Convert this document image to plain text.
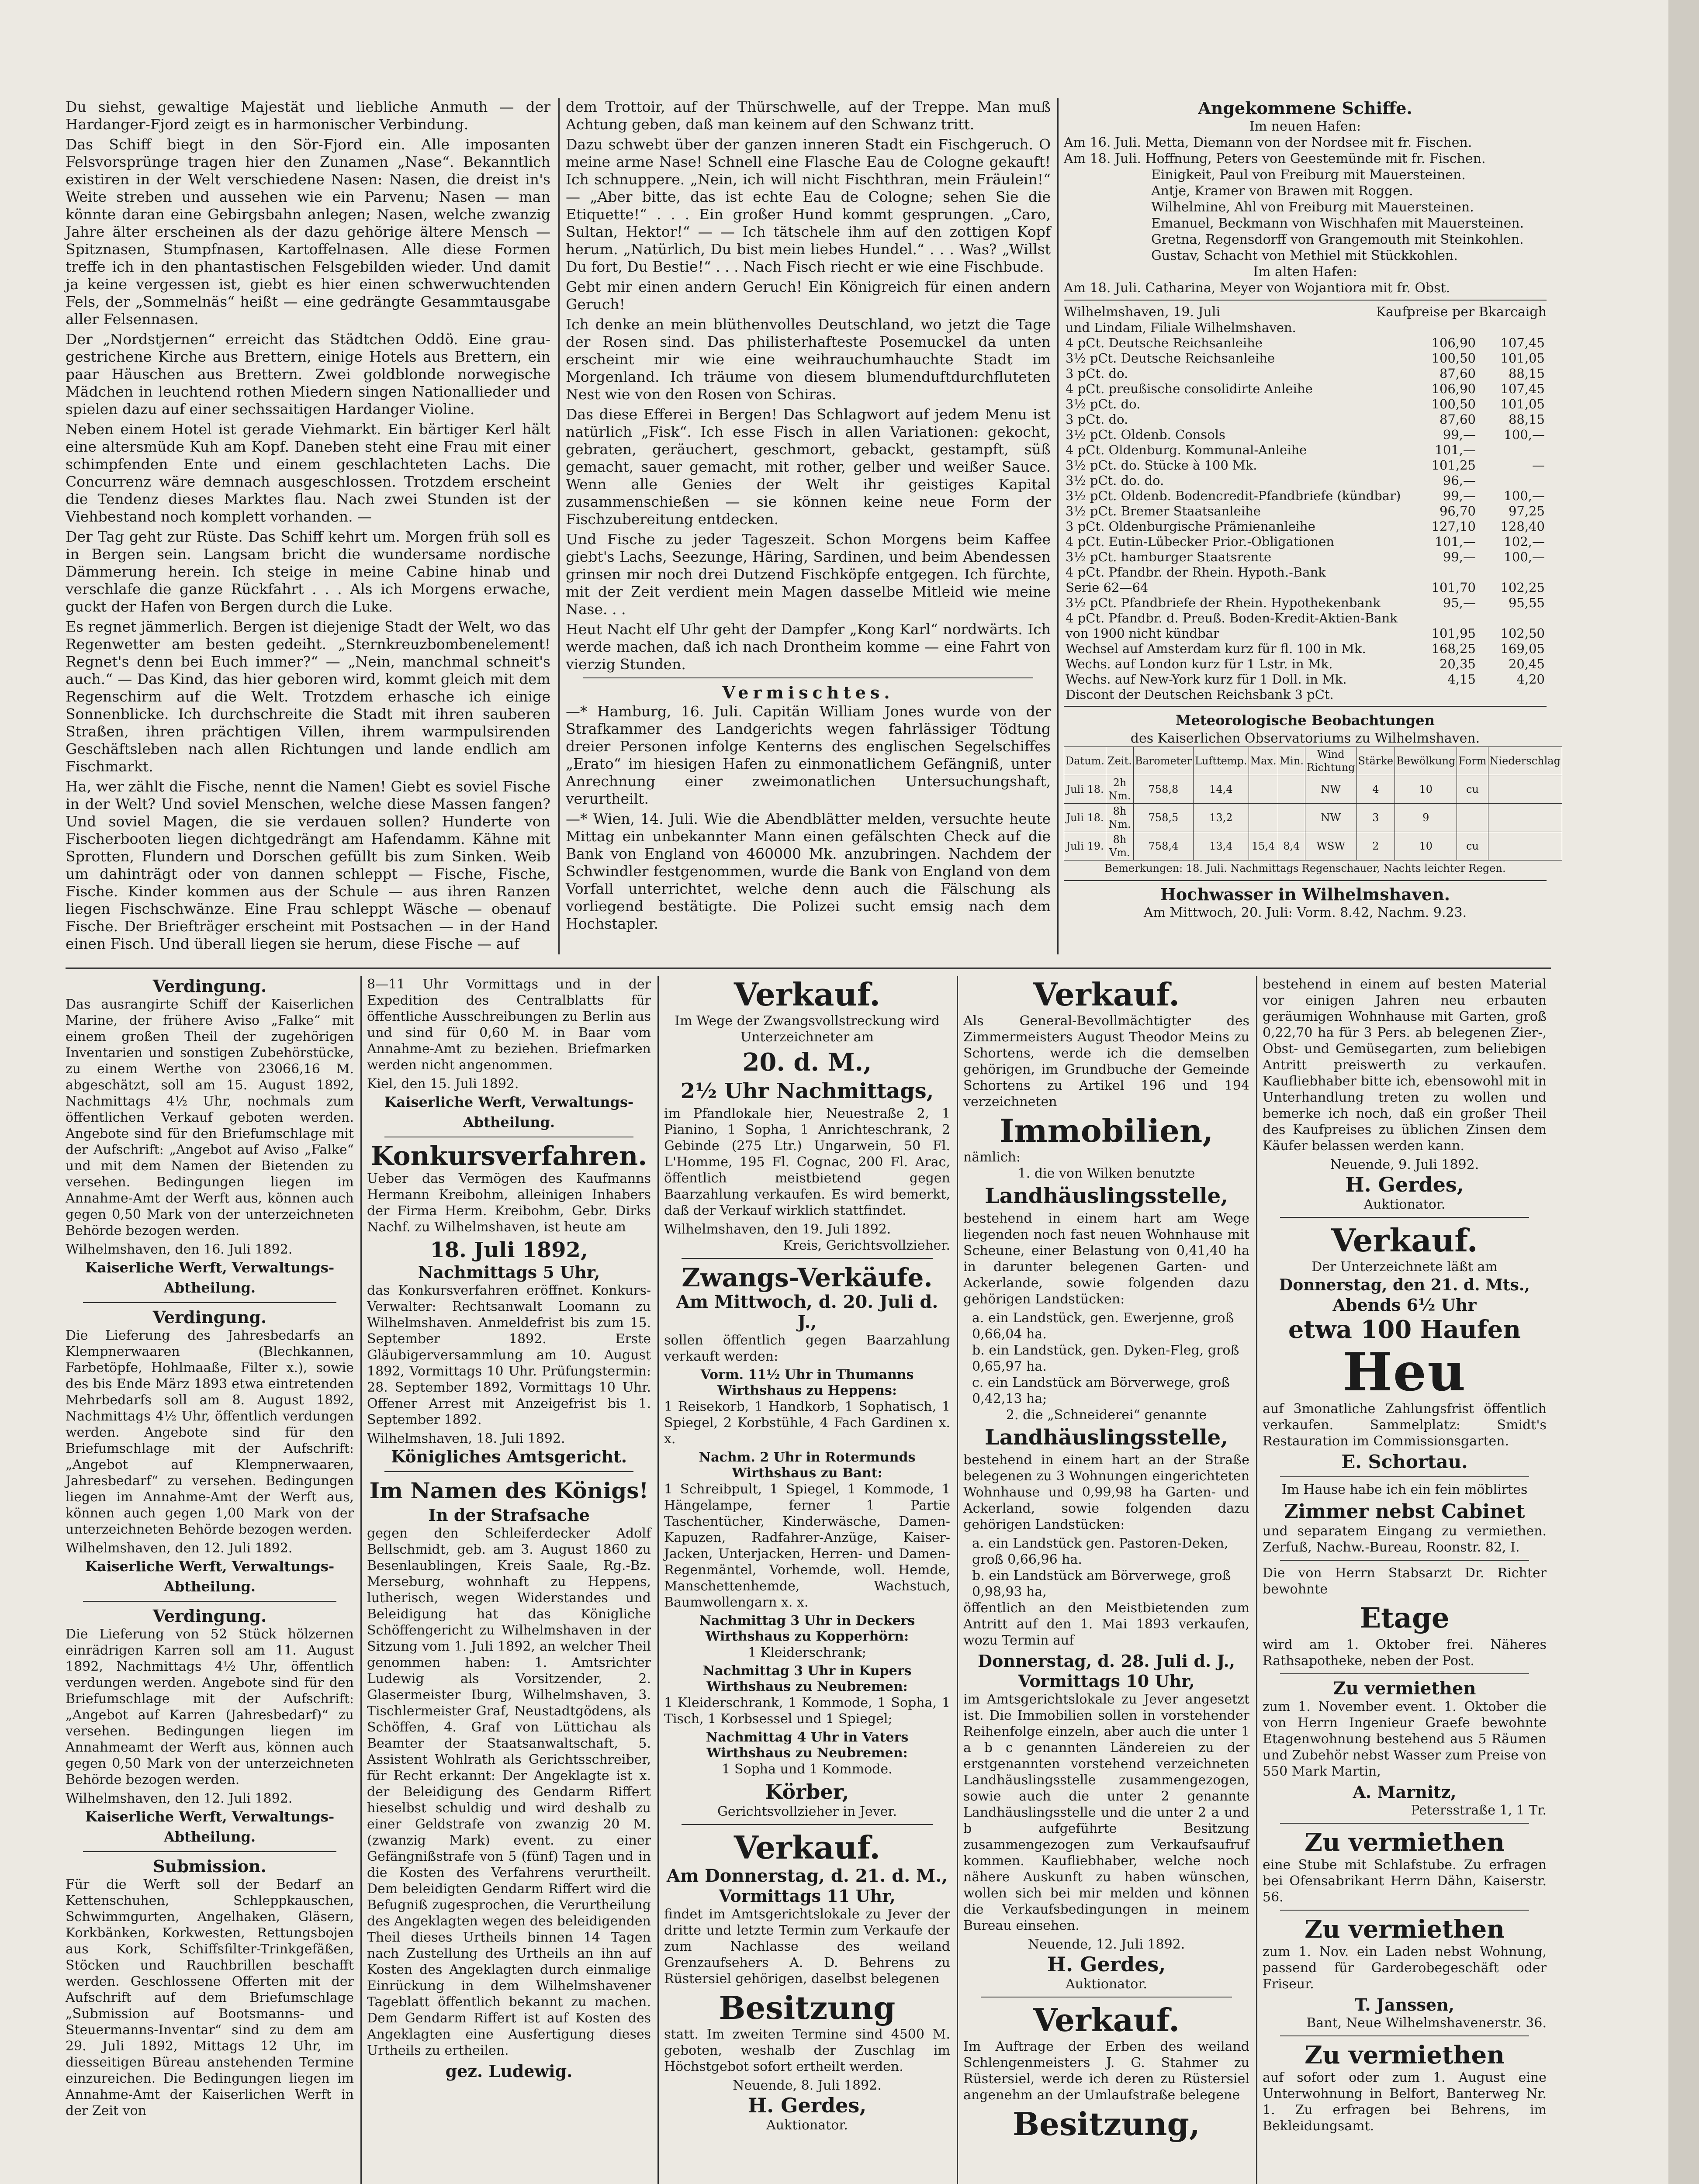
Du siehst, gewaltige Majestät und liebliche Anmuth — der Hardanger-Fjord zeigt es in harmonischer Verbindung.

Das Schiff biegt in den Sör-Fjord ein. Alle imposanten Felsvorsprünge tragen hier den Zunamen „Nase“. Bekanntlich existiren in der Welt verschiedene Nasen: Nasen, die dreist in's Weite streben und aussehen wie ein Parvenu; Nasen — man könnte daran eine Gebirgsbahn anlegen; Nasen, welche zwanzig Jahre älter erscheinen als der dazu gehörige ältere Mensch — Spitznasen, Stumpfnasen, Kartoffelnasen. Alle diese Formen treffe ich in den phantastischen Felsgebilden wieder. Und damit ja keine vergessen ist, giebt es hier einen schwerwuchtenden Fels, der „Sommelnäs“ heißt — eine gedrängte Gesammtausgabe aller Felsennasen.

Der „Nordstjernen“ erreicht das Städtchen Oddö. Eine grau-gestrichene Kirche aus Brettern, einige Hotels aus Brettern, ein paar Häuschen aus Brettern. Zwei goldblonde norwegische Mädchen in leuchtend rothen Miedern singen Nationallieder und spielen dazu auf einer sechssaitigen Hardanger Violine.

Neben einem Hotel ist gerade Viehmarkt. Ein bärtiger Kerl hält eine altersmüde Kuh am Kopf. Daneben steht eine Frau mit einer schimpfenden Ente und einem geschlachteten Lachs. Die Concurrenz wäre demnach ausgeschlossen. Trotzdem erscheint die Tendenz dieses Marktes flau. Nach zwei Stunden ist der Viehbestand noch komplett vorhanden. —

Der Tag geht zur Rüste. Das Schiff kehrt um. Morgen früh soll es in Bergen sein. Langsam bricht die wundersame nordische Dämmerung herein. Ich steige in meine Cabine hinab und verschlafe die ganze Rückfahrt . . . Als ich Morgens erwache, guckt der Hafen von Bergen durch die Luke.

Es regnet jämmerlich. Bergen ist diejenige Stadt der Welt, wo das Regenwetter am besten gedeiht. „Sternkreuzbombenelement! Regnet's denn bei Euch immer?“ — „Nein, manchmal schneit's auch.“ — Das Kind, das hier geboren wird, kommt gleich mit dem Regenschirm auf die Welt. Trotzdem erhasche ich einige Sonnenblicke. Ich durchschreite die Stadt mit ihren sauberen Straßen, ihren prächtigen Villen, ihrem warmpulsirenden Geschäftsleben nach allen Richtungen und lande endlich am Fischmarkt.

Ha, wer zählt die Fische, nennt die Namen! Giebt es soviel Fische in der Welt? Und soviel Menschen, welche diese Massen fangen? Und soviel Magen, die sie verdauen sollen? Hunderte von Fischerbooten liegen dichtgedrängt am Hafendamm. Kähne mit Sprotten, Flundern und Dorschen gefüllt bis zum Sinken. Weib um dahinträgt oder von dannen schleppt — Fische, Fische, Fische. Kinder kommen aus der Schule — aus ihren Ranzen liegen Fischschwänze. Eine Frau schleppt Wäsche — obenauf Fische. Der Briefträger erscheint mit Postsachen — in der Hand einen Fisch. Und überall liegen sie herum, diese Fische — auf

dem Trottoir, auf der Thürschwelle, auf der Treppe. Man muß Achtung geben, daß man keinem auf den Schwanz tritt.

Dazu schwebt über der ganzen inneren Stadt ein Fischgeruch. O meine arme Nase! Schnell eine Flasche Eau de Cologne gekauft! Ich schnuppere. „Nein, ich will nicht Fischthran, mein Fräulein!“ — „Aber bitte, das ist echte Eau de Cologne; sehen Sie die Etiquette!“ . . . Ein großer Hund kommt gesprungen. „Caro, Sultan, Hektor!“ — — Ich tätschele ihm auf den zottigen Kopf herum. „Natürlich, Du bist mein liebes Hundel.“ . . . Was? „Willst Du fort, Du Bestie!“ . . . Nach Fisch riecht er wie eine Fischbude.

Gebt mir einen andern Geruch! Ein Königreich für einen andern Geruch!

Ich denke an mein blüthenvolles Deutschland, wo jetzt die Tage der Rosen sind. Das philisterhafteste Posemuckel da unten erscheint mir wie eine weihrauchumhauchte Stadt im Morgenland. Ich träume von diesem blumenduftdurchfluteten Nest wie von den Rosen von Schiras.

Das diese Efferei in Bergen! Das Schlagwort auf jedem Menu ist natürlich „Fisk“. Ich esse Fisch in allen Variationen: gekocht, gebraten, geräuchert, geschmort, gebackt, gestampft, süß gemacht, sauer gemacht, mit rother, gelber und weißer Sauce. Wenn alle Genies der Welt ihr geistiges Kapital zusammenschießen — sie können keine neue Form der Fischzubereitung entdecken.

Und Fische zu jeder Tageszeit. Schon Morgens beim Kaffee giebt's Lachs, Seezunge, Häring, Sardinen, und beim Abendessen grinsen mir noch drei Dutzend Fischköpfe entgegen. Ich fürchte, mit der Zeit verdient mein Magen dasselbe Mitleid wie meine Nase. . .

Heut Nacht elf Uhr geht der Dampfer „Kong Karl“ nordwärts. Ich werde machen, daß ich nach Drontheim komme — eine Fahrt von vierzig Stunden.

Vermischtes.

—* Hamburg, 16. Juli. Capitän William Jones wurde von der Strafkammer des Landgerichts wegen fahrlässiger Tödtung dreier Personen infolge Kenterns des englischen Segelschiffes „Erato“ im hiesigen Hafen zu einmonatlichem Gefängniß, unter Anrechnung einer zweimonatlichen Untersuchungshaft, verurtheilt.

—* Wien, 14. Juli. Wie die Abendblätter melden, versuchte heute Mittag ein unbekannter Mann einen gefälschten Check auf die Bank von England von 460000 Mk. anzubringen. Nachdem der Schwindler festgenommen, wurde die Bank von England von dem Vorfall unterrichtet, welche denn auch die Fälschung als vorliegend bestätigte. Die Polizei sucht emsig nach dem Hochstapler.

Angekommene Schiffe.
Im neuen Hafen:
Am 16. Juli. Metta, Diemann von der Nordsee mit fr. Fischen.
Am 18. Juli. Hoffnung, Peters von Geestemünde mit fr. Fischen.
Einigkeit, Paul von Freiburg mit Mauersteinen.
Antje, Kramer von Brawen mit Roggen.
Wilhelmine, Ahl von Freiburg mit Mauersteinen.
Emanuel, Beckmann von Wischhafen mit Mauersteinen.
Gretna, Regensdorff von Grangemouth mit Steinkohlen.
Gustav, Schacht von Methiel mit Stückkohlen.
Im alten Hafen:
Am 18. Juli. Catharina, Meyer von Wojantiora mit fr. Obst.
Wilhelmshaven, 19. Juli	Kaufpreise per Bkarcaigh
und Lindam, Filiale Wilhelmshaven.		
4 pCt. Deutsche Reichsanleihe	106,90	107,45
3½ pCt. Deutsche Reichsanleihe	100,50	101,05
3 pCt. do.	87,60	88,15
4 pCt. preußische consolidirte Anleihe	106,90	107,45
3½ pCt. do.	100,50	101,05
3 pCt. do.	87,60	88,15
3½ pCt. Oldenb. Consols	99,—	100,—
4 pCt. Oldenburg. Kommunal-Anleihe	101,—	
3½ pCt. do. Stücke à 100 Mk.	101,25	—
3½ pCt. do. do.	96,—	
3½ pCt. Oldenb. Bodencredit-Pfandbriefe (kündbar)	99,—	100,—
3½ pCt. Bremer Staatsanleihe	96,70	97,25
3 pCt. Oldenburgische Prämienanleihe	127,10	128,40
4 pCt. Eutin-Lübecker Prior.-Obligationen	101,—	102,—
3½ pCt. hamburger Staatsrente	99,—	100,—
4 pCt. Pfandbr. der Rhein. Hypoth.-Bank		
Serie 62—64	101,70	102,25
3½ pCt. Pfandbriefe der Rhein. Hypothekenbank	95,—	95,55
4 pCt. Pfandbr. d. Preuß. Boden-Kredit-Aktien-Bank		
von 1900 nicht kündbar	101,95	102,50
Wechsel auf Amsterdam kurz für fl. 100 in Mk.	168,25	169,05
Wechs. auf London kurz für 1 Lstr. in Mk.	20,35	20,45
Wechs. auf New-York kurz für 1 Doll. in Mk.	4,15	4,20
Discont der Deutschen Reichsbank 3 pCt.		
Meteorologische Beobachtungen
des Kaiserlichen Observatoriums zu Wilhelmshaven.
Datum.	Zeit.	Barometer	Lufttemp.	Max.	Min.	Wind Richtung	Stärke	Bewölkung	Form	Niederschlag
Juli 18.	2h Nm.	758,8	14,4			NW	4	10	cu	
Juli 18.	8h Nm.	758,5	13,2			NW	3	9		
Juli 19.	8h Vm.	758,4	13,4	15,4	8,4	WSW	2	10	cu	
Bemerkungen: 18. Juli. Nachmittags Regenschauer, Nachts leichter Regen.
Hochwasser in Wilhelmshaven.
Am Mittwoch, 20. Juli: Vorm. 8.42, Nachm. 9.23.
Verdingung.

Das ausrangirte Schiff der Kaiserlichen Marine, der frühere Aviso „Falke“ mit einem großen Theil der zugehörigen Inventarien und sonstigen Zubehörstücke, zu einem Werthe von 23066,16 M. abgeschätzt, soll am 15. August 1892, Nachmittags 4½ Uhr, nochmals zum öffentlichen Verkauf geboten werden. Angebote sind für den Briefumschlage mit der Aufschrift: „Angebot auf Aviso „Falke“ und mit dem Namen der Bietenden zu versehen. Bedingungen liegen im Annahme-Amt der Werft aus, können auch gegen 0,50 Mark von der unterzeichneten Behörde bezogen werden.

Wilhelmshaven, den 16. Juli 1892.
Kaiserliche Werft, Verwaltungs-Abtheilung.
Verdingung.

Die Lieferung des Jahresbedarfs an Klempnerwaaren (Blechkannen, Farbetöpfe, Hohlmaaße, Filter x.), sowie des bis Ende März 1893 etwa eintretenden Mehrbedarfs soll am 8. August 1892, Nachmittags 4½ Uhr, öffentlich verdungen werden. Angebote sind für den Briefumschlage mit der Aufschrift: „Angebot auf Klempnerwaaren, Jahresbedarf“ zu versehen. Bedingungen liegen im Annahme-Amt der Werft aus, können auch gegen 1,00 Mark von der unterzeichneten Behörde bezogen werden.

Wilhelmshaven, den 12. Juli 1892.
Kaiserliche Werft, Verwaltungs-Abtheilung.
Verdingung.

Die Lieferung von 52 Stück hölzernen einrädrigen Karren soll am 11. August 1892, Nachmittags 4½ Uhr, öffentlich verdungen werden. Angebote sind für den Briefumschlage mit der Aufschrift: „Angebot auf Karren (Jahresbedarf)“ zu versehen. Bedingungen liegen im Annahmeamt der Werft aus, können auch gegen 0,50 Mark von der unterzeichneten Behörde bezogen werden.

Wilhelmshaven, den 12. Juli 1892.
Kaiserliche Werft, Verwaltungs-Abtheilung.
Submission.

Für die Werft soll der Bedarf an Kettenschuhen, Schleppkauschen, Schwimmgurten, Angelhaken, Gläsern, Korkbänken, Korkwesten, Rettungsbojen aus Kork, Schiffsfilter-Trinkgefäßen, Stöcken und Rauchbrillen beschafft werden. Geschlossene Offerten mit der Aufschrift auf dem Briefumschlage „Submission auf Bootsmanns- und Steuermanns-Inventar“ sind zu dem am 29. Juli 1892, Mittags 12 Uhr, im diesseitigen Büreau anstehenden Termine einzureichen. Die Bedingungen liegen im Annahme-Amt der Kaiserlichen Werft in der Zeit von

8—11 Uhr Vormittags und in der Expedition des Centralblatts für öffentliche Ausschreibungen zu Berlin aus und sind für 0,60 M. in Baar vom Annahme-Amt zu beziehen. Briefmarken werden nicht angenommen.

Kiel, den 15. Juli 1892.
Kaiserliche Werft, Verwaltungs-Abtheilung.
Konkursverfahren.

Ueber das Vermögen des Kaufmanns Hermann Kreibohm, alleinigen Inhabers der Firma Herm. Kreibohm, Gebr. Dirks Nachf. zu Wilhelmshaven, ist heute am

18. Juli 1892,
Nachmittags 5 Uhr,

das Konkursverfahren eröffnet. Konkurs-Verwalter: Rechtsanwalt Loomann zu Wilhelmshaven. Anmeldefrist bis zum 15. September 1892. Erste Gläubigerversammlung am 10. August 1892, Vormittags 10 Uhr. Prüfungstermin: 28. September 1892, Vormittags 10 Uhr. Offener Arrest mit Anzeigefrist bis 1. September 1892.

Wilhelmshaven, 18. Juli 1892.
Königliches Amtsgericht.
Im Namen des Königs!
In der Strafsache

gegen den Schleiferdecker Adolf Bellschmidt, geb. am 3. August 1860 zu Besenlaublingen, Kreis Saale, Rg.-Bz. Merseburg, wohnhaft zu Heppens, lutherisch, wegen Widerstandes und Beleidigung hat das Königliche Schöffengericht zu Wilhelmshaven in der Sitzung vom 1. Juli 1892, an welcher Theil genommen haben: 1. Amtsrichter Ludewig als Vorsitzender, 2. Glasermeister Iburg, Wilhelmshaven, 3. Tischlermeister Graf, Neustadtgödens, als Schöffen, 4. Graf von Lüttichau als Beamter der Staatsanwaltschaft, 5. Assistent Wohlrath als Gerichtsschreiber, für Recht erkannt: Der Angeklagte ist x. der Beleidigung des Gendarm Riffert hieselbst schuldig und wird deshalb zu einer Geldstrafe von zwanzig 20 M. (zwanzig Mark) event. zu einer Gefängnißstrafe von 5 (fünf) Tagen und in die Kosten des Verfahrens verurtheilt. Dem beleidigten Gendarm Riffert wird die Befugniß zugesprochen, die Verurtheilung des Angeklagten wegen des beleidigenden Theil dieses Urtheils binnen 14 Tagen nach Zustellung des Urtheils an ihn auf Kosten des Angeklagten durch einmalige Einrückung in dem Wilhelmshavener Tageblatt öffentlich bekannt zu machen. Dem Gendarm Riffert ist auf Kosten des Angeklagten eine Ausfertigung dieses Urtheils zu ertheilen.

gez. Ludewig.
Verkauf.

Im Wege der Zwangsvollstreckung wird Unterzeichneter am

20. d. M.,
2½ Uhr Nachmittags,

im Pfandlokale hier, Neuestraße 2, 1 Pianino, 1 Sopha, 1 Anrichteschrank, 2 Gebinde (275 Ltr.) Ungarwein, 50 Fl. L'Homme, 195 Fl. Cognac, 200 Fl. Arac, öffentlich meistbietend gegen Baarzahlung verkaufen. Es wird bemerkt, daß der Verkauf wirklich stattfindet.

Wilhelmshaven, den 19. Juli 1892.
Kreis, Gerichtsvollzieher.
Zwangs-Verkäufe.
Am Mittwoch, d. 20. Juli d. J.,

sollen öffentlich gegen Baarzahlung verkauft werden:

Vorm. 11½ Uhr in Thumanns Wirthshaus zu Heppens:

1 Reisekorb, 1 Handkorb, 1 Sophatisch, 1 Spiegel, 2 Korbstühle, 4 Fach Gardinen x. x.

Nachm. 2 Uhr in Rotermunds Wirthshaus zu Bant:

1 Schreibpult, 1 Spiegel, 1 Kommode, 1 Hängelampe, ferner 1 Partie Taschentücher, Kinderwäsche, Damen-Kapuzen, Radfahrer-Anzüge, Kaiser-Jacken, Unterjacken, Herren- und Damen-Regenmäntel, Vorhemde, woll. Hemde, Manschettenhemde, Wachstuch, Baumwollengarn x. x.

Nachmittag 3 Uhr in Deckers Wirthshaus zu Kopperhörn:

1 Kleiderschrank;

Nachmittag 3 Uhr in Kupers Wirthshaus zu Neubremen:

1 Kleiderschrank, 1 Kommode, 1 Sopha, 1 Tisch, 1 Korbsessel und 1 Spiegel;

Nachmittag 4 Uhr in Vaters Wirthshaus zu Neubremen:

1 Sopha und 1 Kommode.

Körber,
Gerichtsvollzieher in Jever.
Verkauf.
Am Donnerstag, d. 21. d. M.,
Vormittags 11 Uhr,

findet im Amtsgerichtslokale zu Jever der dritte und letzte Termin zum Verkaufe der zum Nachlasse des weiland Grenzaufsehers A. D. Behrens zu Rüstersiel gehörigen, daselbst belegenen

Besitzung

statt. Im zweiten Termine sind 4500 M. geboten, weshalb der Zuschlag im Höchstgebot sofort ertheilt werden.

Neuende, 8. Juli 1892.
H. Gerdes,
Auktionator.
Verkauf.

Als General-Bevollmächtigter des Zimmermeisters August Theodor Meins zu Schortens, werde ich die demselben gehörigen, im Grundbuche der Gemeinde Schortens zu Artikel 196 und 194 verzeichneten

Immobilien,
nämlich:
1. die von Wilken benutzte
Landhäuslingsstelle,

bestehend in einem hart am Wege liegenden noch fast neuen Wohnhause mit Scheune, einer Belastung von 0,41,40 ha in darunter belegenen Garten- und Ackerlande, sowie folgenden dazu gehörigen Landstücken:

a. ein Landstück, gen. Ewerjenne, groß 0,66,04 ha.
b. ein Landstück, gen. Dyken-Fleg, groß 0,65,97 ha.
c. ein Landstück am Börverwege, groß 0,42,13 ha;
2. die „Schneiderei“ genannte
Landhäuslingsstelle,

bestehend in einem hart an der Straße belegenen zu 3 Wohnungen eingerichteten Wohnhause und 0,99,98 ha Garten- und Ackerland, sowie folgenden dazu gehörigen Landstücken:

a. ein Landstück gen. Pastoren-Deken, groß 0,66,96 ha.
b. ein Landstück am Börverwege, groß 0,98,93 ha,

öffentlich an den Meistbietenden zum Antritt auf den 1. Mai 1893 verkaufen, wozu Termin auf

Donnerstag, d. 28. Juli d. J.,
Vormittags 10 Uhr,

im Amtsgerichtslokale zu Jever angesetzt ist. Die Immobilien sollen in vorstehender Reihenfolge einzeln, aber auch die unter 1 a b c genannten Ländereien zu der erstgenannten vorstehend verzeichneten Landhäuslingsstelle zusammengezogen, sowie auch die unter 2 genannte Landhäuslingsstelle und die unter 2 a und b aufgeführte Besitzung zusammengezogen zum Verkaufsaufruf kommen. Kaufliebhaber, welche noch nähere Auskunft zu haben wünschen, wollen sich bei mir melden und können die Verkaufsbedingungen in meinem Bureau einsehen.

Neuende, 12. Juli 1892.
H. Gerdes,
Auktionator.
Verkauf.

Im Auftrage der Erben des weiland Schlengenmeisters J. G. Stahmer zu Rüstersiel, werde ich deren zu Rüstersiel angenehm an der Umlaufstraße belegene

Besitzung,

bestehend in einem auf besten Material vor einigen Jahren neu erbauten geräumigen Wohnhause mit Garten, groß 0,22,70 ha für 3 Pers. ab belegenen Zier-, Obst- und Gemüsegarten, zum beliebigen Antritt preiswerth zu verkaufen. Kaufliebhaber bitte ich, ebensowohl mit in Unterhandlung treten zu wollen und bemerke ich noch, daß ein großer Theil des Kaufpreises zu üblichen Zinsen dem Käufer belassen werden kann.

Neuende, 9. Juli 1892.
H. Gerdes,
Auktionator.
Verkauf.
Der Unterzeichnete läßt am
Donnerstag, den 21. d. Mts.,
Abends 6½ Uhr
etwa 100 Haufen
Heu

auf 3monatliche Zahlungsfrist öffentlich verkaufen. Sammelplatz: Smidt's Restauration im Commissionsgarten.

E. Schortau.

Im Hause habe ich ein fein möblirtes

Zimmer nebst Cabinet

und separatem Eingang zu vermiethen. Zerfuß, Nachw.-Bureau, Roonstr. 82, I.

Die von Herrn Stabsarzt Dr. Richter bewohnte

Etage

wird am 1. Oktober frei. Näheres Rathsapotheke, neben der Post.

Zu vermiethen

zum 1. November event. 1. Oktober die von Herrn Ingenieur Graefe bewohnte Etagenwohnung bestehend aus 5 Räumen und Zubehör nebst Wasser zum Preise von 550 Mark Martin,

A. Marnitz,
Petersstraße 1, 1 Tr.
Zu vermiethen

eine Stube mit Schlafstube. Zu erfragen bei Ofensabrikant Herrn Dähn, Kaiserstr. 56.

Zu vermiethen

zum 1. Nov. ein Laden nebst Wohnung, passend für Garderobegeschäft oder Friseur.

T. Janssen,
Bant, Neue Wilhelmshavenerstr. 36.
Zu vermiethen

auf sofort oder zum 1. August eine Unterwohnung in Belfort, Banterweg Nr. 1. Zu erfragen bei Behrens, im Bekleidungsamt.
